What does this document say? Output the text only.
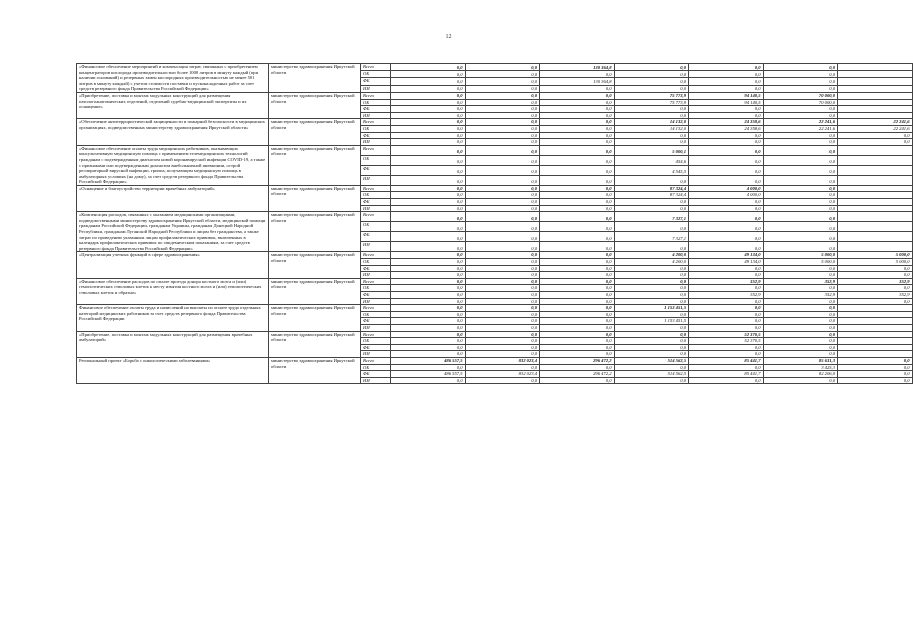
12
«Финансовое обеспечение мероприятий и компенсация затрат, связанных с приобретением концентраторов кислорода производительностью более 1000 литров в минуту каждый (при наличии оснований) и резервных замен кислородных производительностью не менее 501 литров в минуту каждый) с учетом стоимости поставки и пусконаладочных работ за счет средств резервного фонда Правительства Российской Федерации»	министерство здравоохранения Иркутской области	Всего	0,0	0,0	130 364,8	0,0	0,0	0,0	
		ОБ	0,0	0,0	0,0	0,0	0,0	0,0	
		ФБ	0,0	0,0	130 364,8	0,0	0,0	0,0	
		ИИ	0,0	0,0	0,0	0,0	0,0	0,0	
«Приобретение, поставка и монтаж модульных конструкций для размещения патологоанатомических отделений, отделений судебно-медицинской экспертизы и их оснащение»	министерство здравоохранения Иркутской области	Всего	0,0	0,0	0,0	75 773,9	94 140,5	70 000,0	
		ОБ	0,0	0,0	0,0	75 773,9	94 140,5	70 000,0	
		ФБ	0,0	0,0	0,0	0,0	0,0	0,0	
		ИИ	0,0	0,0	0,0	0,0	0,0	0,0	
«Обеспечение антитеррористической защищенности и пожарной безопасности в медицинских организациях, подведомственных министерству здравоохранения Иркутской области»	министерство здравоохранения Иркутской области	Всего	0,0	0,0	0,0	14 132,0	24 358,6	22 241,6	22 241,6
		ОБ	0,0	0,0	0,0	14 132,0	24 358,6	22 241,6	22 241,6
		ФБ	0,0	0,0	0,0	0,0	0,0	0,0	0,0
		ИИ	0,0	0,0	0,0	0,0	0,0	0,0	0,0
«Финансовое обеспечение оплаты труда медицинских работников, оказывающих консультативную медицинскую помощь с применением телемедицинских технологий гражданам с подтвержденным диагнозом новой коронавирусной инфекции COVID-19, а также с признаками или подтвержденным диагнозом внебольничной пневмонии, острой респираторной вирусной инфекции, гриппа, получающим медицинскую помощь в амбулаторных условиях (на дому), за счет средств резервного фонда Правительства Российской Федерации»	министерство здравоохранения Иркутской области	Всего	0,0	0,0	0,0	5 000,1	0,0	0,0	
		ОБ	0,0	0,0	0,0	454,6	0,0	0,0	
		ФБ	0,0	0,0	0,0	4 545,5	0,0	0,0	
		ИИ	0,0	0,0	0,0	0,0	0,0	0,0	
«Оснащение и благоустройство территории врачебных амбулаторий»	министерство здравоохранения Иркутской области	Всего	0,0	0,0	0,0	87 324,4	4 000,0	0,0	
		ОБ	0,0	0,0	0,0	87 324,4	4 000,0	0,0	
		ФБ	0,0	0,0	0,0	0,0	0,0	0,0	
		ИИ	0,0	0,0	0,0	0,0	0,0	0,0	
«Компенсация расходов, связанных с оказанием медицинскими организациями, подведомственными министерству здравоохранения Иркутской области, медицинской помощи гражданам Российской Федерации, гражданам Украины, гражданам Донецкой Народной Республики, гражданам Луганской Народной Республики и лицам без гражданства, а также затрат по проведению указанным лицам профилактических прививок, включенных в календарь профилактических прививок по эпидемическим показаниям, за счет средств резервного фонда Правительства Российской Федерации»	министерство здравоохранения Иркутской области	Всего	0,0	0,0	0,0	7 327,1	0,0	0,0	
		ОБ	0,0	0,0	0,0	0,0	0,0	0,0	
		ФБ	0,0	0,0	0,0	7 327,1	0,0	0,0	
		ИИ	0,0	0,0	0,0	0,0	0,0	0,0	
«Централизация учетных функций в сфере здравоохранения»	министерство здравоохранения Иркутской области	Всего	0,0	0,0	0,0	4 200,0	49 134,0	5 000,0	5 000,0
		ОБ	0,0	0,0	0,0	4 200,0	49 134,0	5 000,0	5 000,0
		ФБ	0,0	0,0	0,0	0,0	0,0	0,0	0,0
		ИИ	0,0	0,0	0,0	0,0	0,0	0,0	0,0
«Финансовое обеспечение расходов по оплате проезда донора костного мозга и (или) гемопоэтических стволовых клеток к месту изъятия костного мозга и (или) гемопоэтических стволовых клеток и обратно»	министерство здравоохранения Иркутской области	Всего	0,0	0,0	0,0	0,0	352,9	352,9	352,9
		ОБ	0,0	0,0	0,0	0,0	0,0	0,0	0,0
		ФБ	0,0	0,0	0,0	0,0	352,9	352,9	352,9
		ИИ	0,0	0,0	0,0	0,0	0,0	0,0	0,0
Финансовое обеспечение оплаты труда и начислений на выплаты по оплате труда отдельных категорий медицинских работников за счет средств резервного фонда Правительства Российской Федерации	министерство здравоохранения Иркутской области	Всего	0,0	0,0	0,0	1 153 451,5	0,0	0,0	
		ОБ	0,0	0,0	0,0	0,0	0,0	0,0	
		ФБ	0,0	0,0	0,0	1 153 451,5	0,0	0,0	
		ИИ	0,0	0,0	0,0	0,0	0,0	0,0	
«Приобретение, поставка и монтаж модульных конструкций для размещения врачебных амбулаторий»	министерство здравоохранения Иркутской области	Всего	0,0	0,0	0,0	0,0	52 370,5	0,0	
		ОБ	0,0	0,0	0,0	0,0	52 370,5	0,0	
		ФБ	0,0	0,0	0,0	0,0	0,0	0,0	
		ИИ	0,0	0,0	0,0	0,0	0,0	0,0	
Региональный проект «Борьба с онкологическими заболеваниями»	министерство здравоохранения Иркутской области	Всего	486 557,5	832 023,4	296 472,2	514 562,5	85 441,7	85 631,3	0,0
		ОБ	0,0	0,0	0,0	0,0	0,0	3 425,3	0,0
		ФБ	486 557,5	832 023,4	296 472,2	514 562,5	85 441,7	82 206,0	0,0
		ИИ	0,0	0,0	0,0	0,0	0,0	0,0	0,0
